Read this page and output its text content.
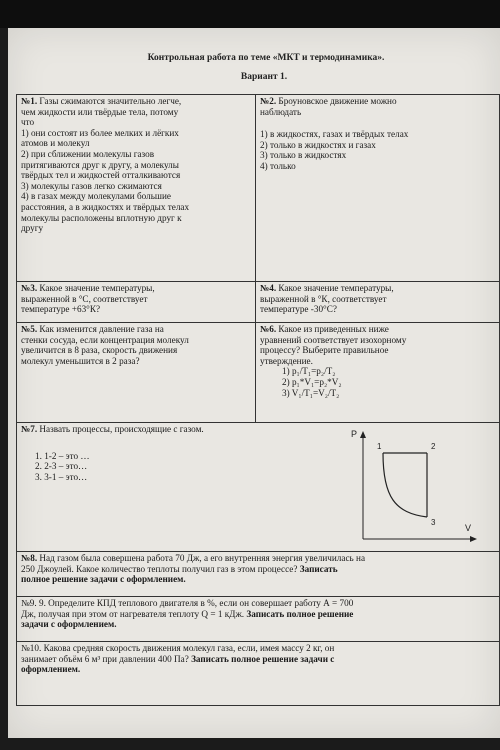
Контрольная работа по теме «МКТ и термодинамика».
Вариант 1.
№1. Газы сжимаются значительно легче,
чем жидкости или твёрдые тела, потому
что
1) они состоят из более мелких и лёгких
атомов и молекул
2) при сближении молекулы газов
притягиваются друг к другу, а молекулы
твёрдых тел и жидкостей отталкиваются
3) молекулы газов легко сжимаются
4) в газах между молекулами большие
расстояния, а в жидкостях и твёрдых телах
молекулы расположены вплотную друг к
другу
№2. Броуновское движение можно
наблюдать
1) в жидкостях, газах и твёрдых телах
2) только в жидкостях и газах
3) только в жидкостях
4) только
№3. Какое значение температуры,
выраженной в °С, соответствует
температуре +63°К?
№4. Какое значение температуры,
выраженной в °К, соответствует
температуре -30°С?
№5. Как изменится давление газа на
стенки сосуда, если концентрация молекул
увеличится в 8 раза, скорость движения
молекул уменьшится в 2 раза?
№6. Какое из приведенных ниже
уравнений соответствует изохорному
процессу? Выберите правильное
утверждение.
1) p₁/T₁=p₂/T₂
2) p₁*V₁=p₂*V₂
3) V₁/T₁=V₂/T₂
№7. Назвать процессы, происходящие с газом.
1. 1-2 – это …
2. 2-3 – это…
3. 3-1 – это…
P
V
1	2
3
№8. Над газом была совершена работа 70 Дж, а его внутренняя энергия увеличилась на
250 Джоулей. Какое количество теплоты получил газ в этом процессе? Записать
полное решение задачи с оформлением.
№9. 9. Определите КПД теплового двигателя в %, если он совершает работу А = 700
Дж, получая при этом от нагревателя теплоту Q = 1 кДж. Записать полное решение
задачи с оформлением.
№10. Какова средняя скорость движения молекул газа, если, имея массу 2 кг, он
занимает объём 6 м³ при давлении 400 Па? Записать полное решение задачи с
оформлением.
